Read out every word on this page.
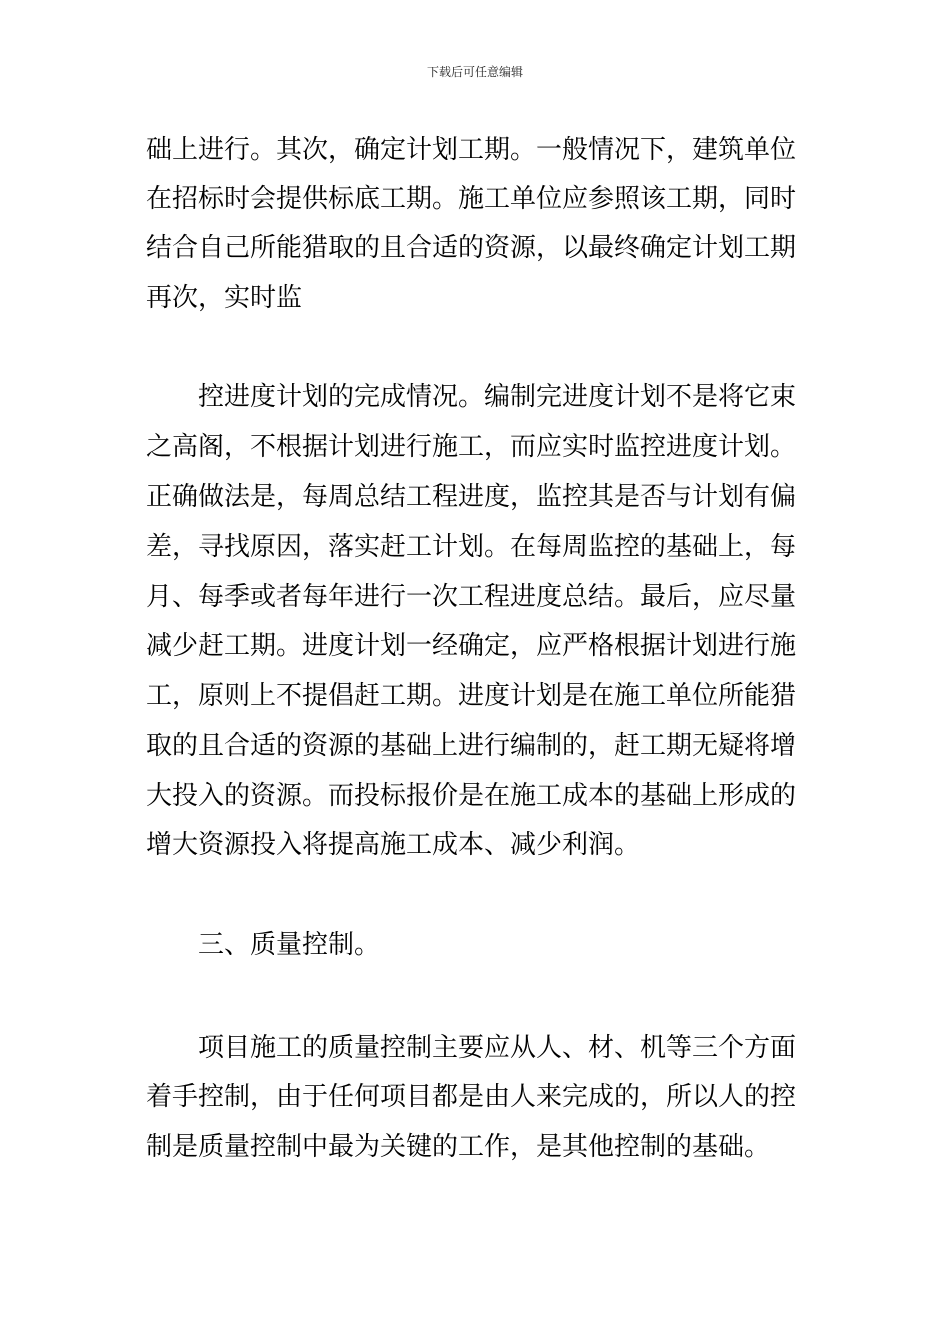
下载后可任意编辑
础上进行。其次，确定计划工期。一般情况下，建筑单位
在招标时会提供标底工期。施工单位应参照该工期，同时
结合自己所能猎取的且合适的资源，以最终确定计划工期
再次，实时监
控进度计划的完成情况。编制完进度计划不是将它束
之高阁，不根据计划进行施工，而应实时监控进度计划。
正确做法是，每周总结工程进度，监控其是否与计划有偏
差，寻找原因，落实赶工计划。在每周监控的基础上，每
月、每季或者每年进行一次工程进度总结。最后，应尽量
减少赶工期。进度计划一经确定，应严格根据计划进行施
工，原则上不提倡赶工期。进度计划是在施工单位所能猎
取的且合适的资源的基础上进行编制的，赶工期无疑将增
大投入的资源。而投标报价是在施工成本的基础上形成的
增大资源投入将提高施工成本、减少利润。
三、质量控制。
项目施工的质量控制主要应从人、材、机等三个方面
着手控制，由于任何项目都是由人来完成的，所以人的控
制是质量控制中最为关键的工作，是其他控制的基础。
